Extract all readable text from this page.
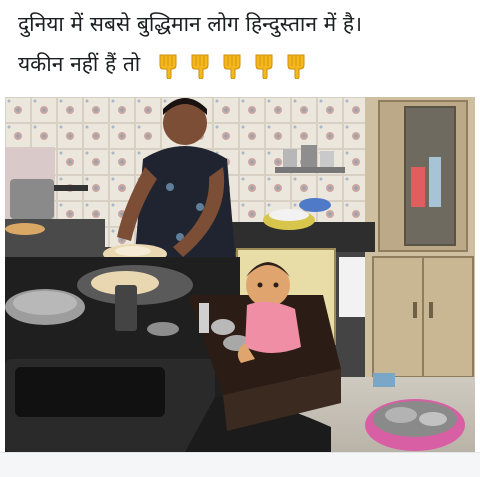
दुनिया में सबसे बुद्धिमान लोग हिन्दुस्तान में है।
यकीन नहीं हैं तो
